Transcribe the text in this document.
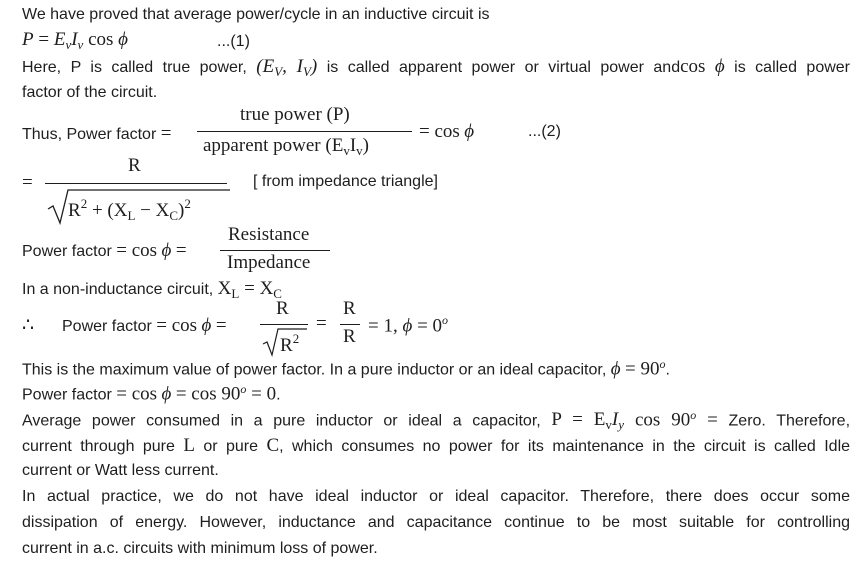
We have proved that average power/cycle in an inductive circuit is
$P = E_vI_v$ cos ϕ	...(1)
Here, P is called true power, ($E_V$, $I_V$) is called apparent power or virtual power andcos ϕ is called power
factor of the circuit.
Thus, Power factor =
true power (P)
apparent power $(E_vI_v)$
= cos ϕ	...(2)
=
R
$R^2 + (X_L - X_C)^2$
[ from impedance triangle]
Power factor = cos ϕ =
Resistance
Impedance
In a non-inductance circuit, $X_L = X_C$
∴ Power factor = cos ϕ =
R
$R^2$
=
R
R
= 1, $\phi = 0^o$
This is the maximum value of power factor. In a pure inductor or an ideal capacitor, $\phi = 90^o$.
Power factor = $\cos \phi = \cos 90^o = 0$.
Average power consumed in a pure inductor or ideal a capacitor, $P = E_vI_y$ $\cos 90^o$ = Zero. Therefore,
current through pure L or pure C, which consumes no power for its maintenance in the circuit is called Idle
current or Watt less current.
In actual practice, we do not have ideal inductor or ideal capacitor. Therefore, there does occur some
dissipation of energy. However, inductance and capacitance continue to be most suitable for controlling
current in a.c. circuits with minimum loss of power.
